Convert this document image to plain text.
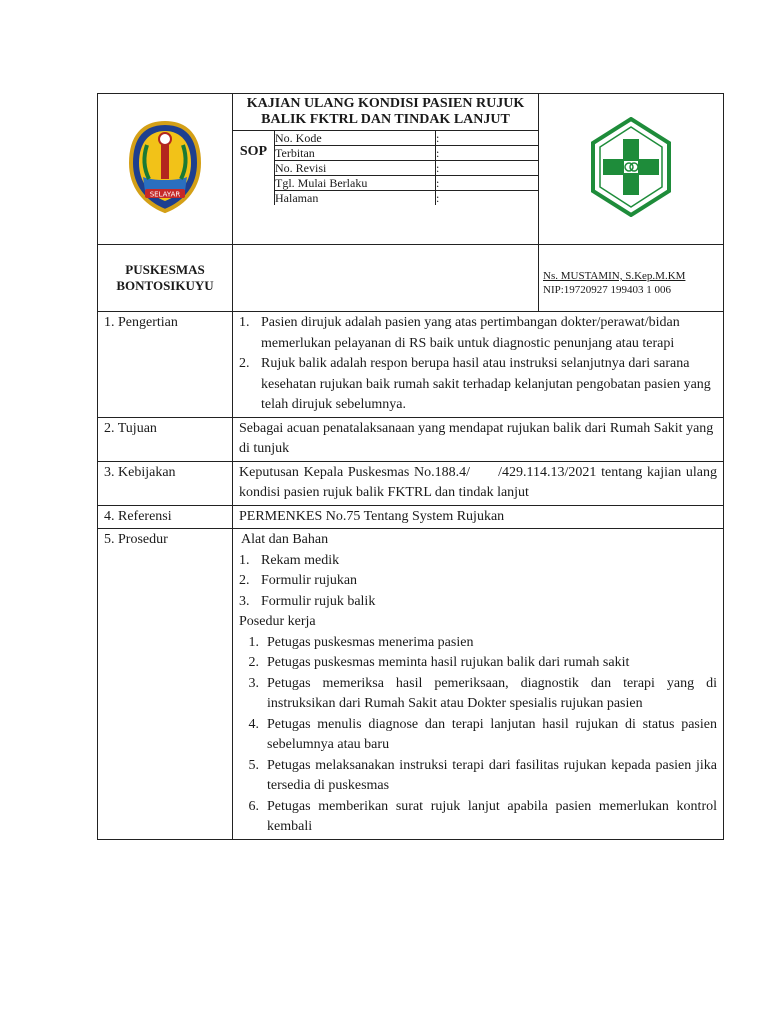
SELAYAR

KAJIAN ULANG KONDISI PASIEN RUJUK BALIK FKTRL DAN TINDAK LANJUT
SOP	No. Kode	:
Terbitan	:
No. Revisi	:
Tgl. Mulai Berlaku	:
Halaman	:

PUSKESMAS
BONTOSIKUYU

Ns. MUSTAMIN, S.Kep.M.KM
NIP:19720927 199403 1 006

1. Pengertian	1. Pasien dirujuk adalah pasien yang atas pertimbangan dokter/perawat/bidan memerlukan pelayanan di RS baik untuk diagnostic penunjang atau terapi
2. Rujuk balik adalah respon berupa hasil atau instruksi selanjutnya dari sarana kesehatan rujukan baik rumah sakit terhadap kelanjutan pengobatan pasien yang telah dirujuk sebelumnya.

2. Tujuan	Sebagai acuan penatalaksanaan yang mendapat rujukan balik dari Rumah Sakit yang di tunjuk
3. Kebijakan	Keputusan Kepala Puskesmas No.188.4/      /429.114.13/2021 tentang kajian ulang kondisi pasien rujuk balik FKTRL dan tindak lanjut
4. Referensi	PERMENKES No.75 Tentang System Rujukan
5. Prosedur	Alat dan Bahan
1. Rekam medik
2. Formulir rujukan
3. Formulir rujuk balik
Posedur kerja
1. Petugas puskesmas menerima pasien
2. Petugas puskesmas meminta hasil rujukan balik dari rumah sakit
3. Petugas memeriksa hasil pemeriksaan, diagnostik dan terapi yang di instruksikan dari Rumah Sakit atau Dokter spesialis rujukan pasien
4. Petugas menulis diagnose dan terapi lanjutan hasil rujukan di status pasien sebelumnya atau baru
5. Petugas melaksanakan instruksi terapi dari fasilitas rujukan kepada pasien jika tersedia di puskesmas
6. Petugas memberikan surat rujuk lanjut apabila pasien memerlukan kontrol kembali
